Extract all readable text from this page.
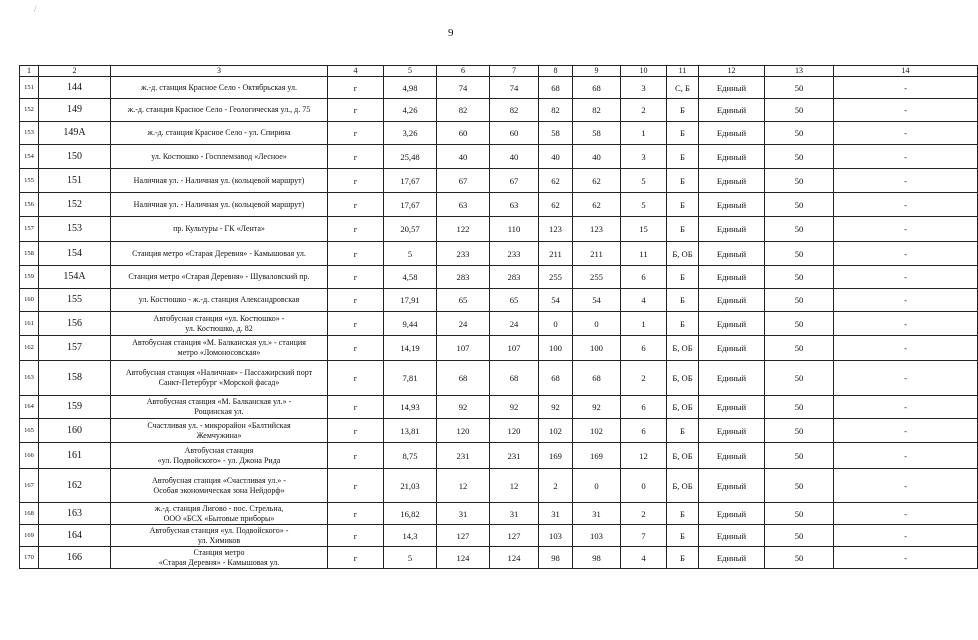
/
9
1	2	3	4	5	6	7	8	9	10	11	12	13	14
151	144	ж.-д. станция Красное Село - Октябрьская ул.	г	4,98	74	74	68	68	3	С, Б	Единый	50	-
152	149	ж.-д. станция Красное Село - Геологическая ул., д. 75	г	4,26	82	82	82	82	2	Б	Единый	50	-
153	149А	ж.-д. станция Красное Село - ул. Спирина	г	3,26	60	60	58	58	1	Б	Единый	50	-
154	150	ул. Костюшко - Госплемзавод «Лесное»	г	25,48	40	40	40	40	3	Б	Единый	50	-
155	151	Наличная ул. - Наличная ул. (кольцевой маршрут)	г	17,67	67	67	62	62	5	Б	Единый	50	-
156	152	Наличная ул. - Наличная ул. (кольцевой маршрут)	г	17,67	63	63	62	62	5	Б	Единый	50	-
157	153	пр. Культуры - ГК «Лента»	г	20,57	122	110	123	123	15	Б	Единый	50	-
158	154	Станция метро «Старая Деревня» - Камышовая ул.	г	5	233	233	211	211	11	Б, ОБ	Единый	50	-
159	154А	Станция метро «Старая Деревня» - Шуваловский пр.	г	4,58	283	283	255	255	6	Б	Единый	50	-
160	155	ул. Костюшко - ж.-д. станция Александровская	г	17,91	65	65	54	54	4	Б	Единый	50	-
161	156	Автобусная станция «ул. Костюшко» -
ул. Костюшко, д. 82	г	9,44	24	24	0	0	1	Б	Единый	50	-
162	157	Автобусная станция «М. Балканская ул.» - станция
метро «Ломоносовская»	г	14,19	107	107	100	100	6	Б, ОБ	Единый	50	-
163	158	Автобусная станция «Наличная» - Пассажирский порт
Санкт-Петербург «Морской фасад»	г	7,81	68	68	68	68	2	Б, ОБ	Единый	50	-
164	159	Автобусная станция «М. Балканская ул.» -
Рощинская ул.	г	14,93	92	92	92	92	6	Б, ОБ	Единый	50	-
165	160	Счастливая ул. - микрорайон «Балтийская
Жемчужина»	г	13,81	120	120	102	102	6	Б	Единый	50	-
166	161	Автобусная станция
«ул. Подвойского» - ул. Джона Рида	г	8,75	231	231	169	169	12	Б, ОБ	Единый	50	-
167	162	Автобусная станция «Счастливая ул.» -
Особая экономическая зона Нейдорф»	г	21,03	12	12	2	0	0	Б, ОБ	Единый	50	-
168	163	ж.-д. станция Лигово - пос. Стрельна,
ООО «БСХ «Бытовые приборы»	г	16,82	31	31	31	31	2	Б	Единый	50	-
169	164	Автобусная станция «ул. Подвойского» -
ул. Химиков	г	14,3	127	127	103	103	7	Б	Единый	50	-
170	166	Станция метро
«Старая Деревня» - Камышовая ул.	г	5	124	124	98	98	4	Б	Единый	50	-
